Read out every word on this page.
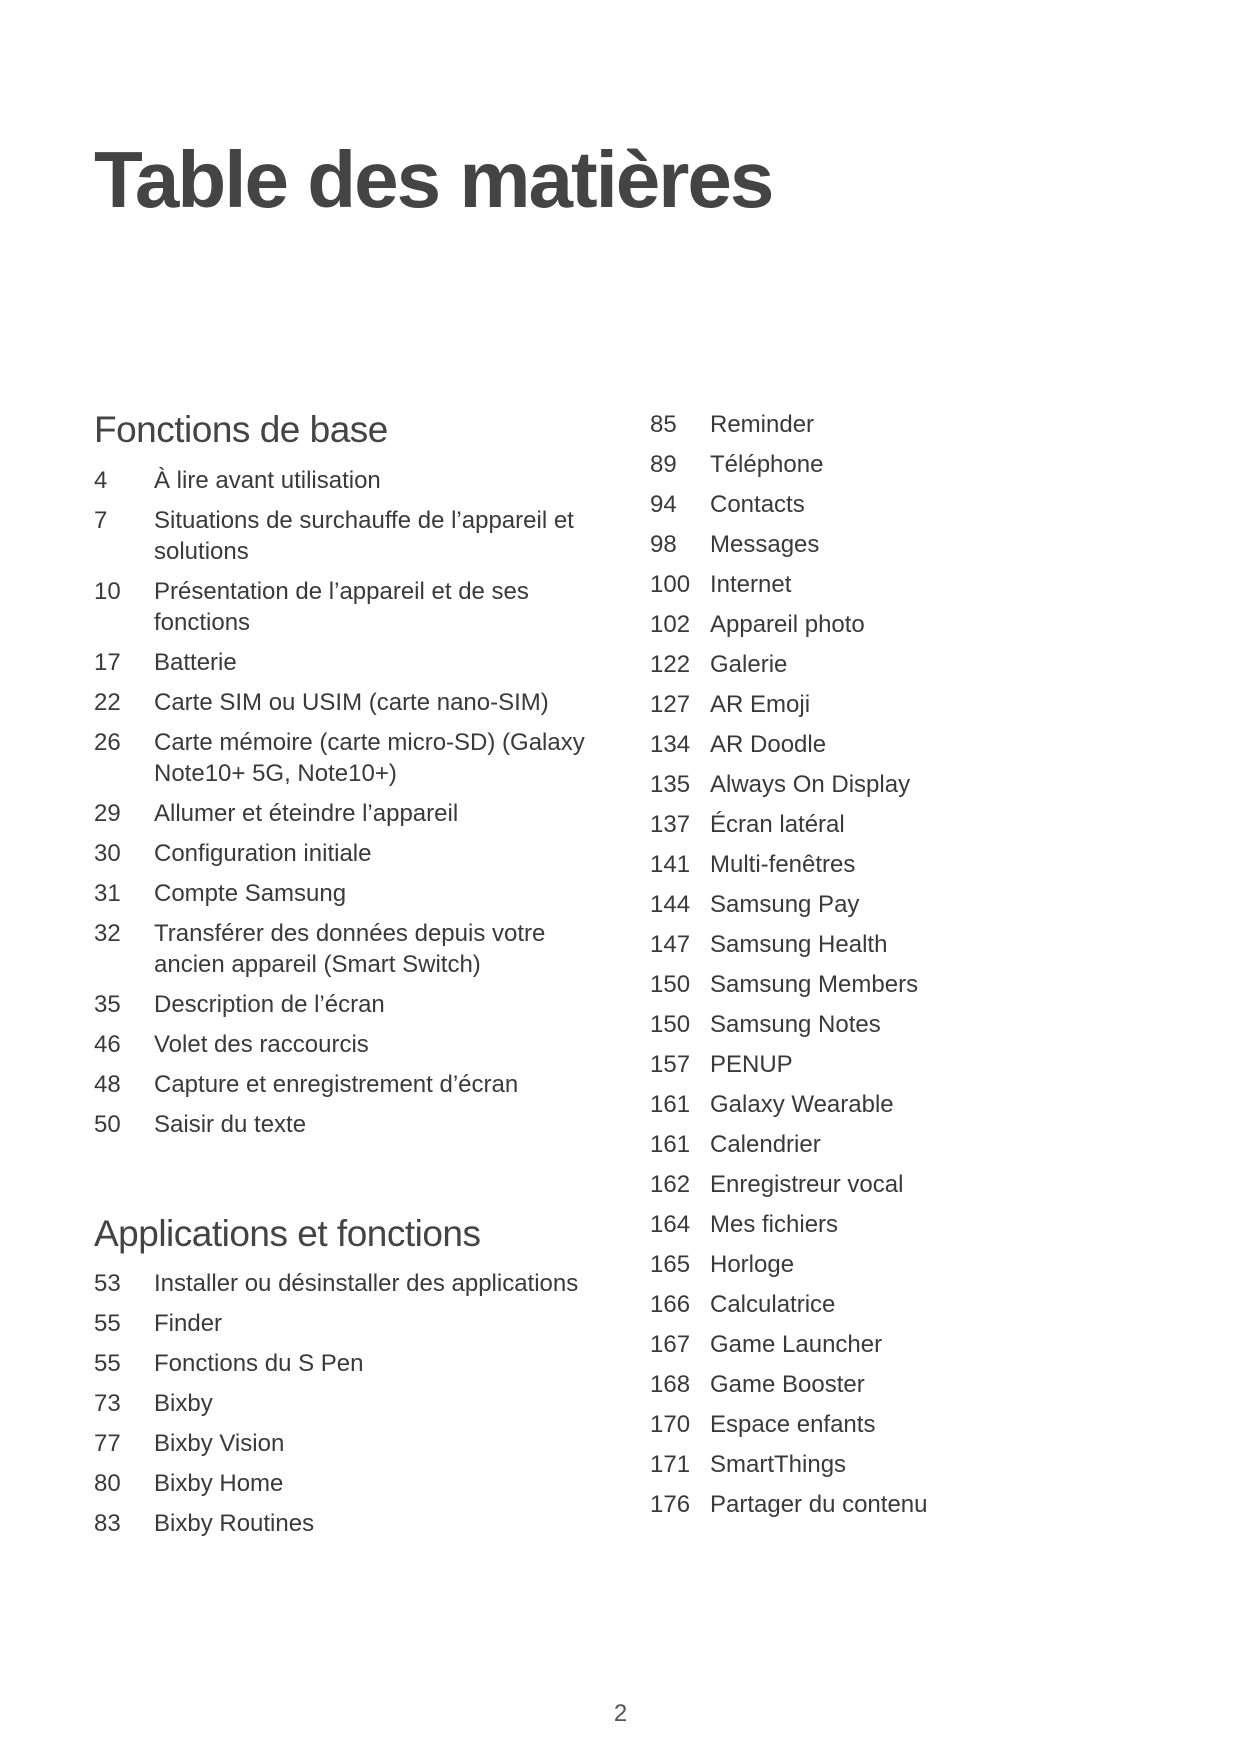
Table des matières
Fonctions de base
4	À lire avant utilisation
7	Situations de surchauffe de l’appareil et solutions
10	Présentation de l’appareil et de ses fonctions
17	Batterie
22	Carte SIM ou USIM (carte nano-SIM)
26	Carte mémoire (carte micro-SD) (Galaxy Note10+ 5G, Note10+)
29	Allumer et éteindre l’appareil
30	Configuration initiale
31	Compte Samsung
32	Transférer des données depuis votre ancien appareil (Smart Switch)
35	Description de l’écran
46	Volet des raccourcis
48	Capture et enregistrement d’écran
50	Saisir du texte
Applications et fonctions
53	Installer ou désinstaller des applications
55	Finder
55	Fonctions du S Pen
73	Bixby
77	Bixby Vision
80	Bixby Home
83	Bixby Routines
85	Reminder
89	Téléphone
94	Contacts
98	Messages
100 Internet
102 Appareil photo
122 Galerie
127 AR Emoji
134 AR Doodle
135 Always On Display
137 Écran latéral
141 Multi-fenêtres
144 Samsung Pay
147 Samsung Health
150 Samsung Members
150 Samsung Notes
157 PENUP
161 Galaxy Wearable
161 Calendrier
162 Enregistreur vocal
164 Mes fichiers
165 Horloge
166 Calculatrice
167 Game Launcher
168 Game Booster
170 Espace enfants
171 SmartThings
176 Partager du contenu
2
